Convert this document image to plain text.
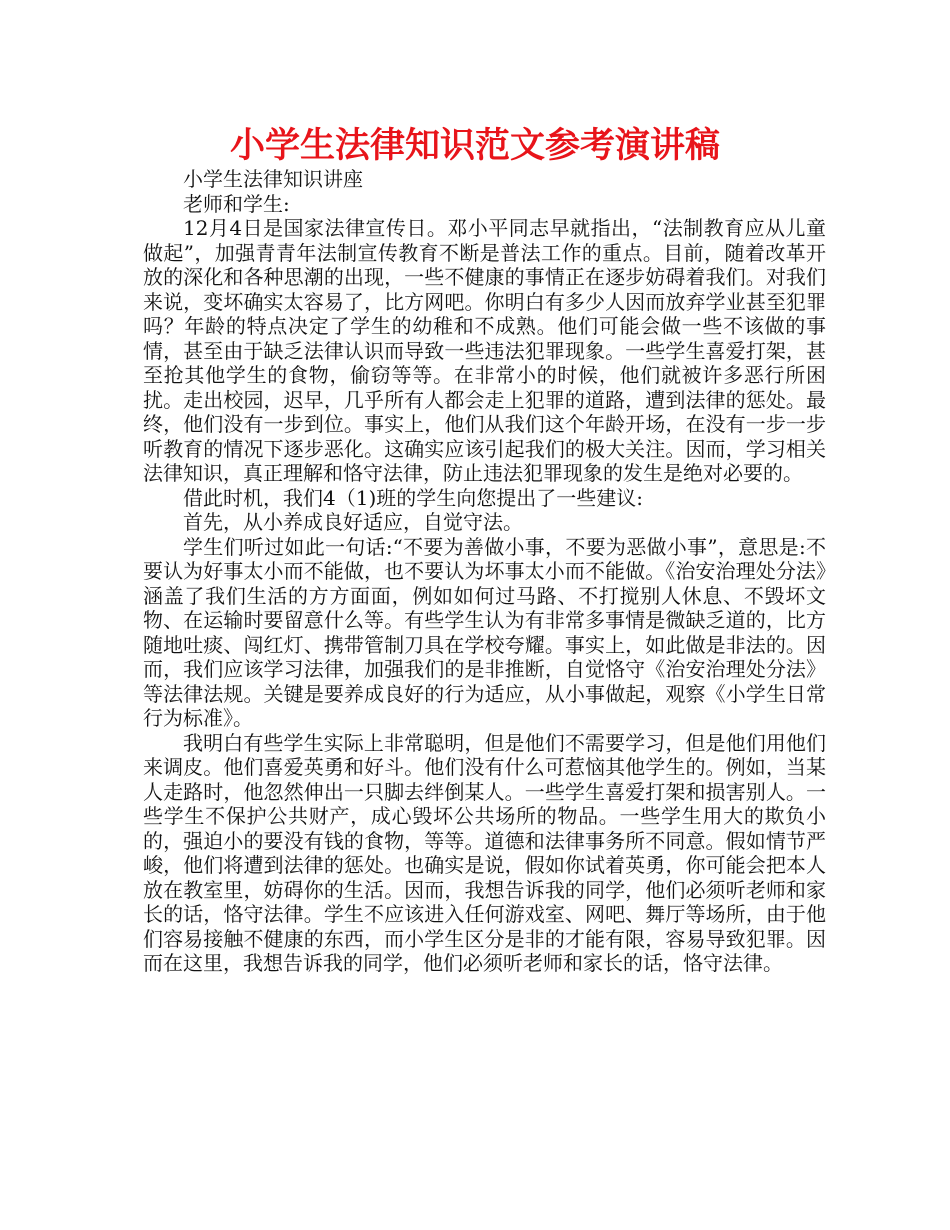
小学生法律知识范文参考演讲稿

小学生法律知识讲座

老师和学生:

12月4日是国家法律宣传日。邓小平同志早就指出，“法制教育应从儿童做起”，加强青青年法制宣传教育不断是普法工作的重点。目前，随着改革开放的深化和各种思潮的出现，一些不健康的事情正在逐步妨碍着我们。对我们来说，变坏确实太容易了，比方网吧。你明白有多少人因而放弃学业甚至犯罪吗？年龄的特点决定了学生的幼稚和不成熟。他们可能会做一些不该做的事情，甚至由于缺乏法律认识而导致一些违法犯罪现象。一些学生喜爱打架，甚至抢其他学生的食物，偷窃等等。在非常小的时候，他们就被许多恶行所困扰。走出校园，迟早，几乎所有人都会走上犯罪的道路，遭到法律的惩处。最终，他们没有一步到位。事实上，他们从我们这个年龄开场，在没有一步一步听教育的情况下逐步恶化。这确实应该引起我们的极大关注。因而，学习相关法律知识，真正理解和恪守法律，防止违法犯罪现象的发生是绝对必要的。

借此时机，我们4（1)班的学生向您提出了一些建议:

首先，从小养成良好适应，自觉守法。

学生们听过如此一句话:“不要为善做小事，不要为恶做小事”，意思是:不要认为好事太小而不能做，也不要认为坏事太小而不能做。《治安治理处分法》涵盖了我们生活的方方面面，例如如何过马路、不打搅别人休息、不毁坏文物、在运输时要留意什么等。有些学生认为有非常多事情是微缺乏道的，比方随地吐痰、闯红灯、携带管制刀具在学校夸耀。事实上，如此做是非法的。因而，我们应该学习法律，加强我们的是非推断，自觉恪守《治安治理处分法》等法律法规。关键是要养成良好的行为适应，从小事做起，观察《小学生日常行为标准》。

我明白有些学生实际上非常聪明，但是他们不需要学习，但是他们用他们来调皮。他们喜爱英勇和好斗。他们没有什么可惹恼其他学生的。例如，当某人走路时，他忽然伸出一只脚去绊倒某人。一些学生喜爱打架和损害别人。一些学生不保护公共财产，成心毁坏公共场所的物品。一些学生用大的欺负小的，强迫小的要没有钱的食物，等等。道德和法律事务所不同意。假如情节严峻，他们将遭到法律的惩处。也确实是说，假如你试着英勇，你可能会把本人放在教室里，妨碍你的生活。因而，我想告诉我的同学，他们必须听老师和家长的话，恪守法律。学生不应该进入任何游戏室、网吧、舞厅等场所，由于他们容易接触不健康的东西，而小学生区分是非的才能有限，容易导致犯罪。因而在这里，我想告诉我的同学，他们必须听老师和家长的话，恪守法律。
